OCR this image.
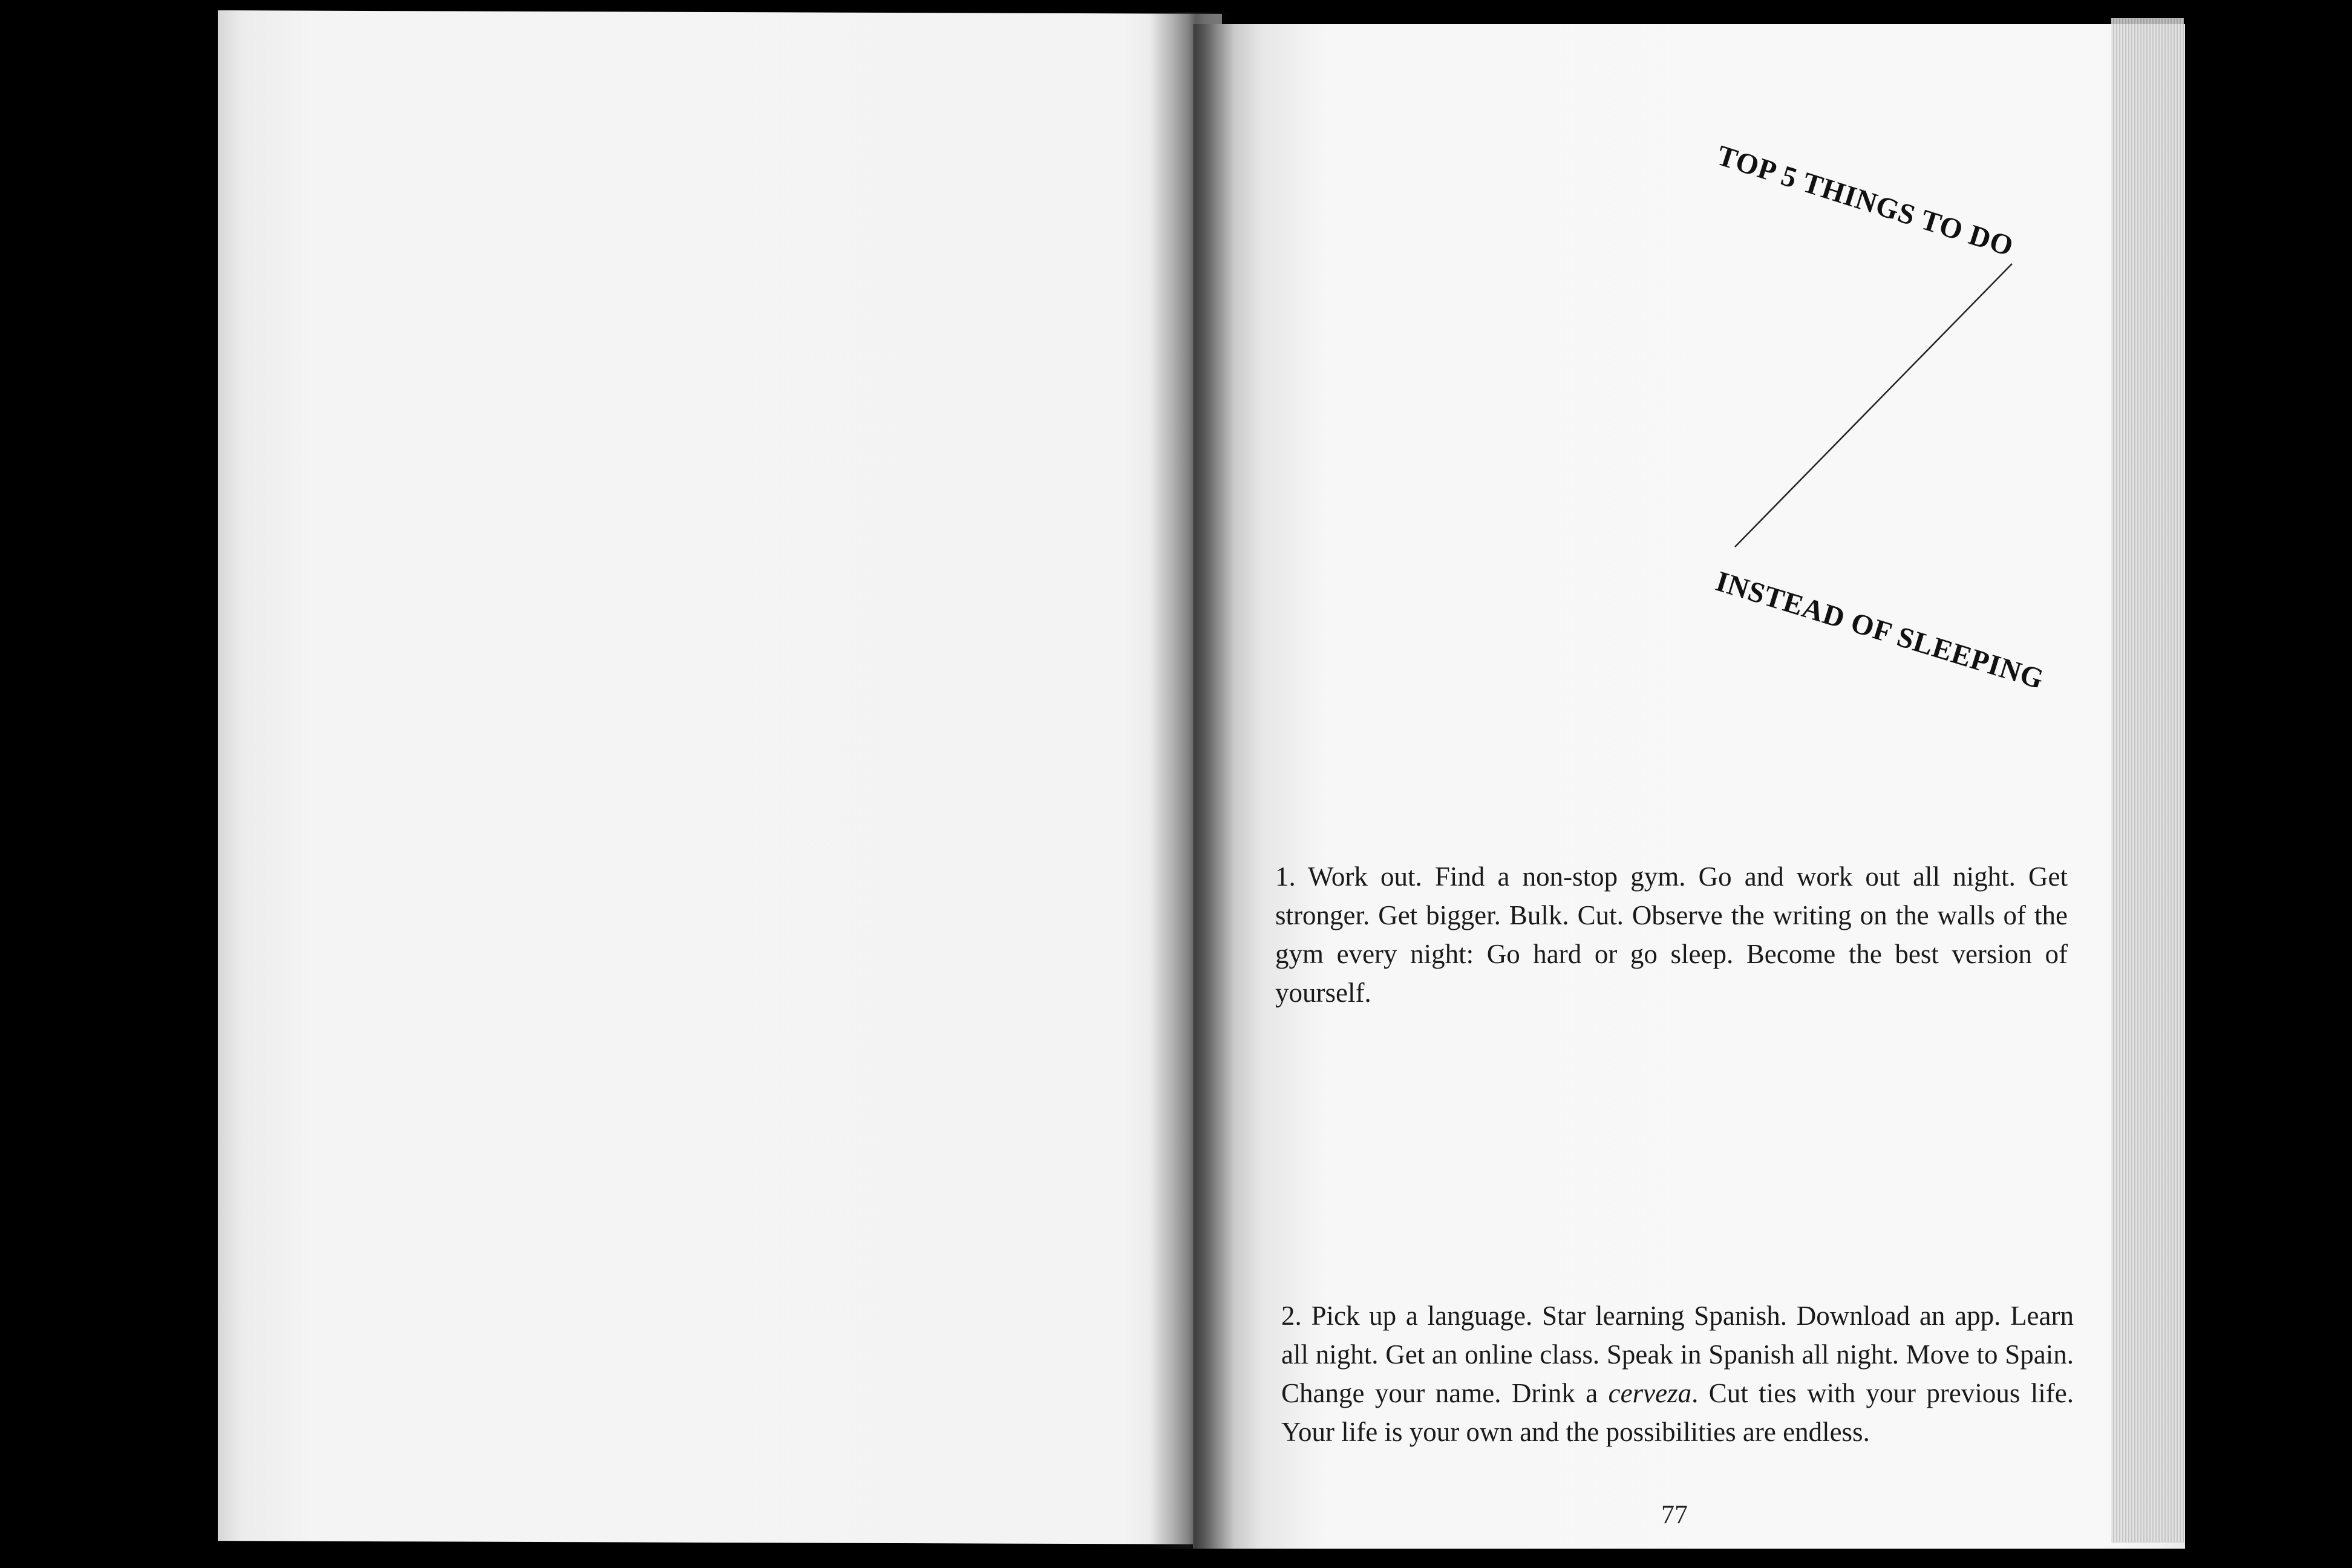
TOP 5 THINGS TO DO
INSTEAD OF SLEEPING

1. Work out. Find a non-stop gym. Go and work out all night. Get stronger. Get bigger. Bulk. Cut. Observe the writing on the walls of the gym every night: Go hard or go sleep. Become the best version of yourself.

2. Pick up a language. Star learning Spanish. Download an app. Learn all night. Get an online class. Speak in Spanish all night. Move to Spain. Change your name. Drink a cerveza. Cut ties with your previous life. Your life is your own and the possibilities are endless.

77
